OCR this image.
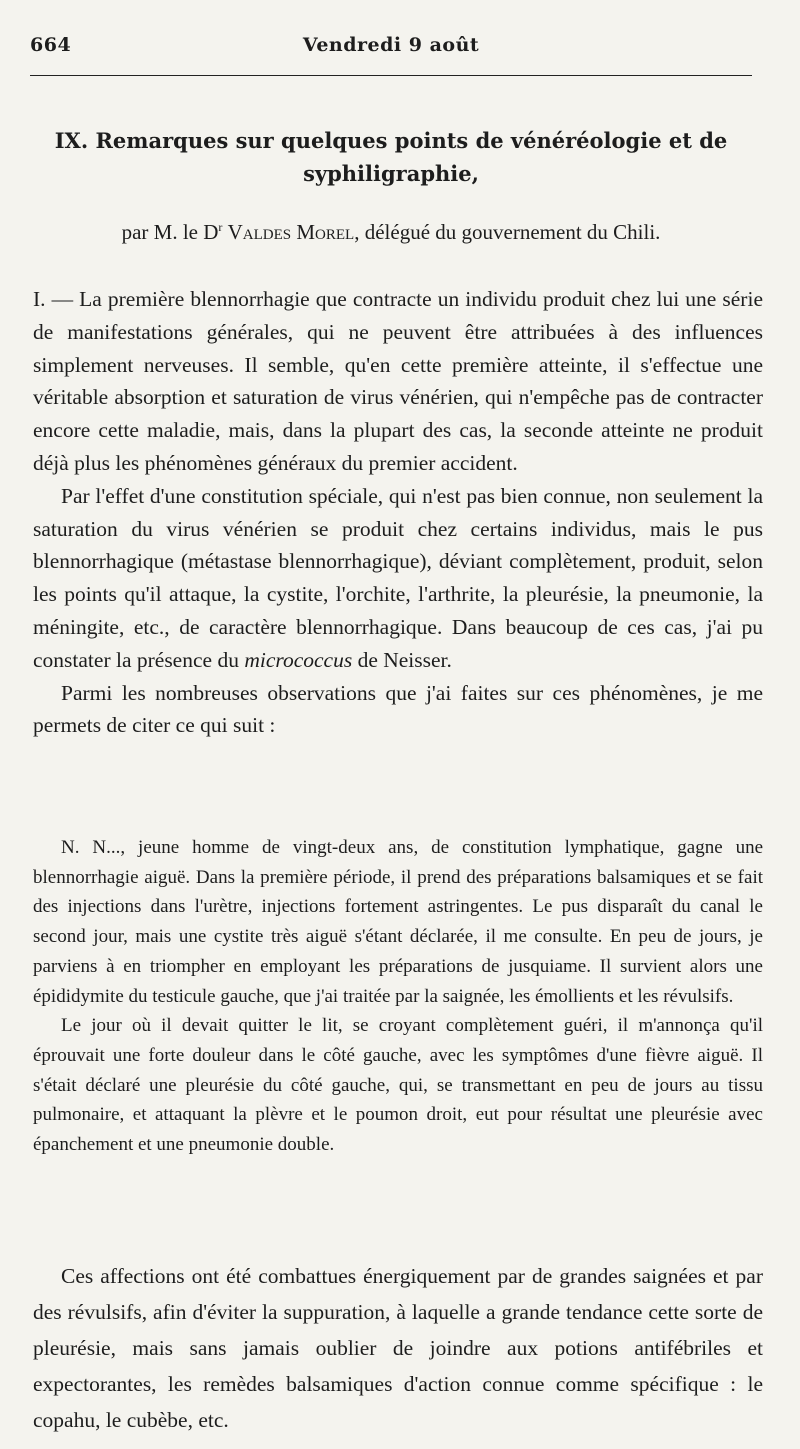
664	Vendredi 9 août
IX. Remarques sur quelques points de vénéréologie et de syphiligraphie,
par M. le $D^r$ Valdes Morel, délégué du gouvernement du Chili.

I. — La première blennorrhagie que contracte un individu produit chez lui une série de manifestations générales, qui ne peuvent être attribuées à des influences simplement nerveuses. Il semble, qu'en cette première atteinte, il s'effectue une véritable absorption et saturation de virus vénérien, qui n'empêche pas de contracter encore cette maladie, mais, dans la plupart des cas, la seconde atteinte ne produit déjà plus les phénomènes généraux du premier accident.

Par l'effet d'une constitution spéciale, qui n'est pas bien connue, non seulement la saturation du virus vénérien se produit chez certains individus, mais le pus blennorrhagique (métastase blennorrhagique), déviant complètement, produit, selon les points qu'il attaque, la cystite, l'orchite, l'arthrite, la pleurésie, la pneumonie, la méningite, etc., de caractère blennorrhagique. Dans beaucoup de ces cas, j'ai pu constater la présence du micrococcus de Neisser.

Parmi les nombreuses observations que j'ai faites sur ces phénomènes, je me permets de citer ce qui suit :

N. N..., jeune homme de vingt-deux ans, de constitution lymphatique, gagne une blennorrhagie aiguë. Dans la première période, il prend des préparations balsamiques et se fait des injections dans l'urètre, injections fortement astringentes. Le pus disparaît du canal le second jour, mais une cystite très aiguë s'étant déclarée, il me consulte. En peu de jours, je parviens à en triompher en employant les préparations de jusquiame. Il survient alors une épididymite du testicule gauche, que j'ai traitée par la saignée, les émollients et les révulsifs.

Le jour où il devait quitter le lit, se croyant complètement guéri, il m'annonça qu'il éprouvait une forte douleur dans le côté gauche, avec les symptômes d'une fièvre aiguë. Il s'était déclaré une pleurésie du côté gauche, qui, se transmettant en peu de jours au tissu pulmonaire, et attaquant la plèvre et le poumon droit, eut pour résultat une pleurésie avec épanchement et une pneumonie double.

Ces affections ont été combattues énergiquement par de grandes saignées et par des révulsifs, afin d'éviter la suppuration, à laquelle a grande tendance cette sorte de pleurésie, mais sans jamais oublier de joindre aux potions antifébriles et expectorantes, les remèdes balsamiques d'action connue comme spécifique : le copahu, le cubèbe, etc.
